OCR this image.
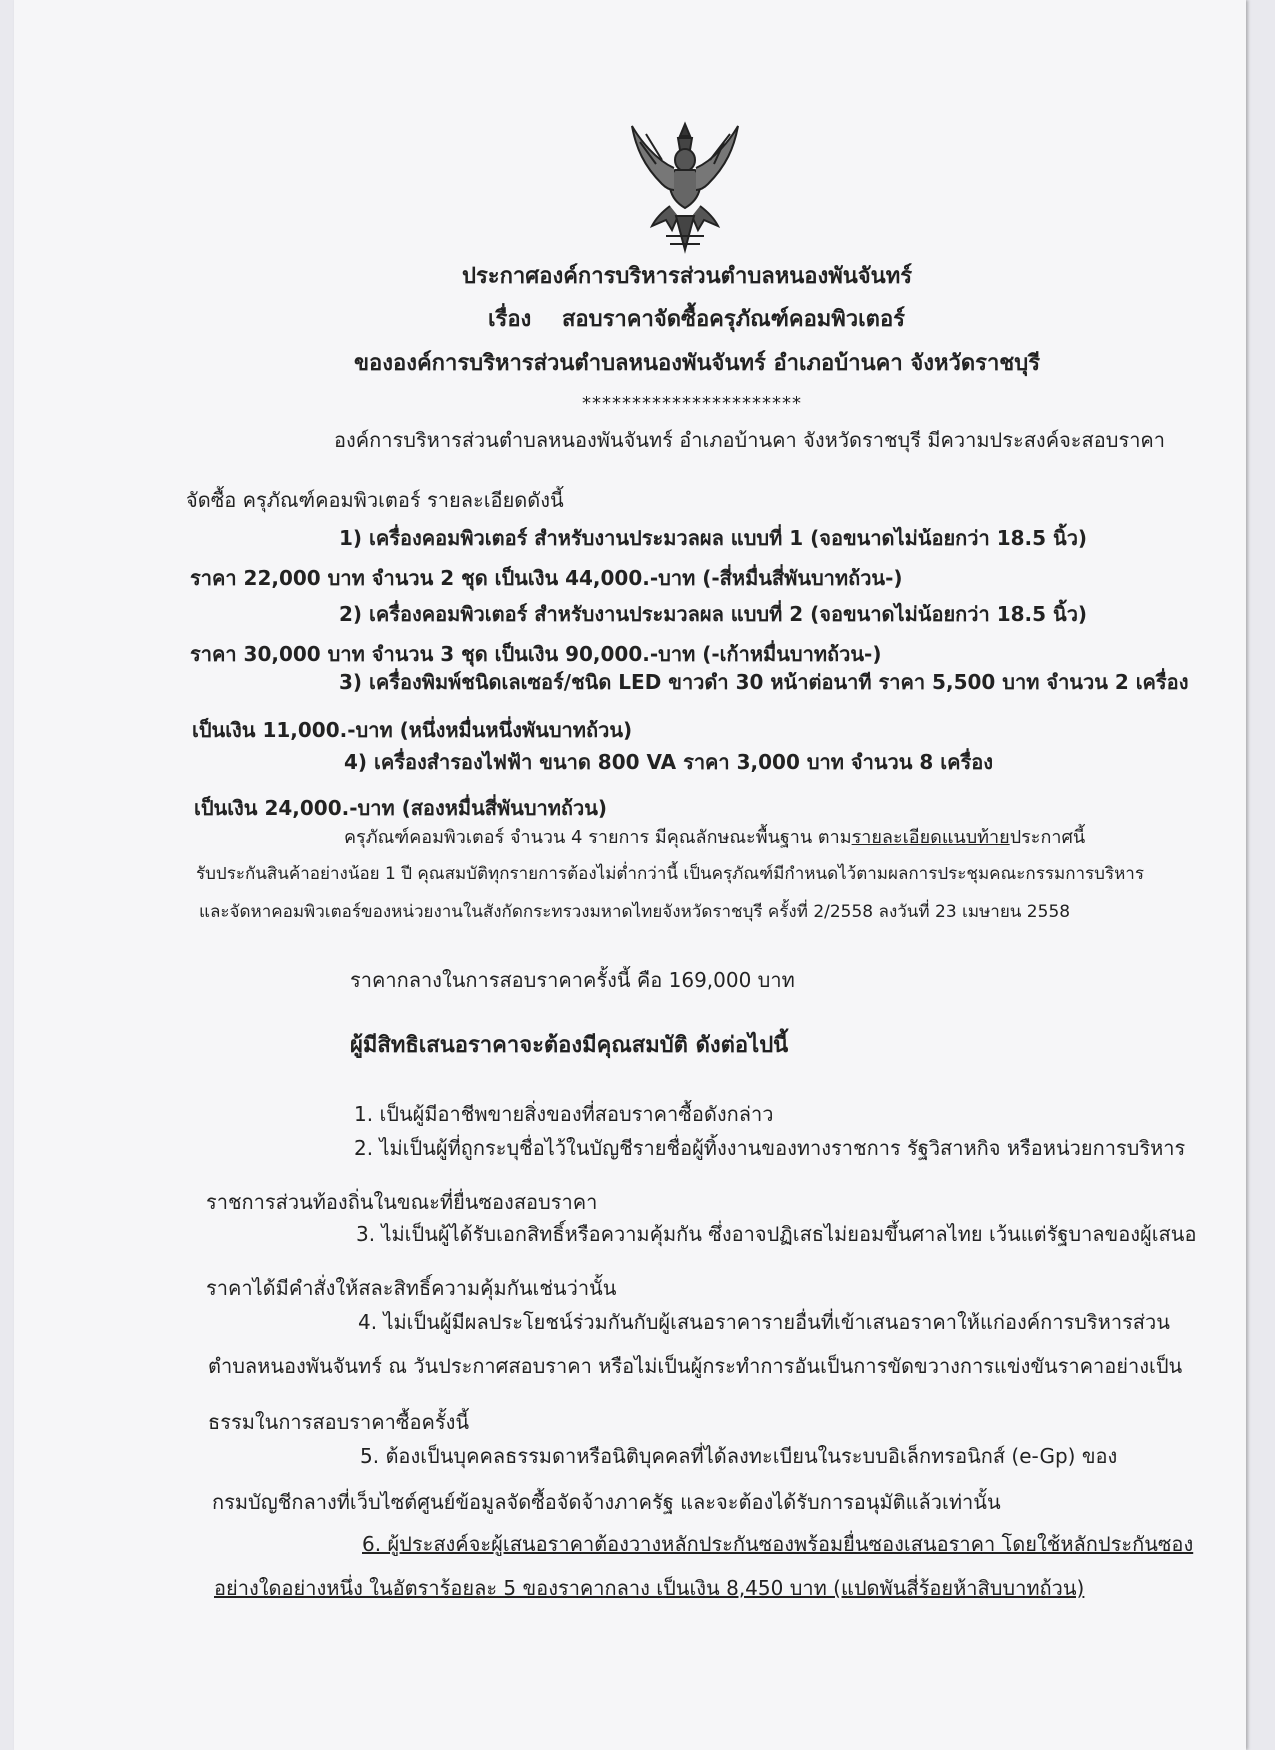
ประกาศองค์การบริหารส่วนตำบลหนองพันจันทร์
เรื่อง สอบราคาจัดซื้อครุภัณฑ์คอมพิวเตอร์
ขององค์การบริหารส่วนตำบลหนองพันจันทร์ อำเภอบ้านคา จังหวัดราชบุรี
**********************
องค์การบริหารส่วนตำบลหนองพันจันทร์ อำเภอบ้านคา จังหวัดราชบุรี มีความประสงค์จะสอบราคา
จัดซื้อ ครุภัณฑ์คอมพิวเตอร์ รายละเอียดดังนี้
1) เครื่องคอมพิวเตอร์ สำหรับงานประมวลผล แบบที่ 1 (จอขนาดไม่น้อยกว่า 18.5 นิ้ว)
ราคา 22,000 บาท จำนวน 2 ชุด เป็นเงิน 44,000.-บาท (-สี่หมื่นสี่พันบาทถ้วน-)
2) เครื่องคอมพิวเตอร์ สำหรับงานประมวลผล แบบที่ 2 (จอขนาดไม่น้อยกว่า 18.5 นิ้ว)
ราคา 30,000 บาท จำนวน 3 ชุด เป็นเงิน 90,000.-บาท (-เก้าหมื่นบาทถ้วน-)
3) เครื่องพิมพ์ชนิดเลเซอร์/ชนิด LED ขาวดำ 30 หน้าต่อนาที ราคา 5,500 บาท จำนวน 2 เครื่อง
เป็นเงิน 11,000.-บาท (หนึ่งหมื่นหนึ่งพันบาทถ้วน)
4) เครื่องสำรองไฟฟ้า ขนาด 800 VA ราคา 3,000 บาท จำนวน 8 เครื่อง
เป็นเงิน 24,000.-บาท (สองหมื่นสี่พันบาทถ้วน)
ครุภัณฑ์คอมพิวเตอร์ จำนวน 4 รายการ มีคุณลักษณะพื้นฐาน ตามรายละเอียดแนบท้ายประกาศนี้
รับประกันสินค้าอย่างน้อย 1 ปี คุณสมบัติทุกรายการต้องไม่ต่ำกว่านี้ เป็นครุภัณฑ์มีกำหนดไว้ตามผลการประชุมคณะกรรมการบริหาร
และจัดหาคอมพิวเตอร์ของหน่วยงานในสังกัดกระทรวงมหาดไทยจังหวัดราชบุรี ครั้งที่ 2/2558 ลงวันที่ 23 เมษายน 2558
ราคากลางในการสอบราคาครั้งนี้ คือ 169,000 บาท
ผู้มีสิทธิเสนอราคาจะต้องมีคุณสมบัติ ดังต่อไปนี้
1. เป็นผู้มีอาชีพขายสิ่งของที่สอบราคาซื้อดังกล่าว
2. ไม่เป็นผู้ที่ถูกระบุชื่อไว้ในบัญชีรายชื่อผู้ทิ้งงานของทางราชการ รัฐวิสาหกิจ หรือหน่วยการบริหาร
ราชการส่วนท้องถิ่นในขณะที่ยื่นซองสอบราคา
3. ไม่เป็นผู้ได้รับเอกสิทธิ์หรือความคุ้มกัน ซึ่งอาจปฏิเสธไม่ยอมขึ้นศาลไทย เว้นแต่รัฐบาลของผู้เสนอ
ราคาได้มีคำสั่งให้สละสิทธิ์ความคุ้มกันเช่นว่านั้น
4. ไม่เป็นผู้มีผลประโยชน์ร่วมกันกับผู้เสนอราคารายอื่นที่เข้าเสนอราคาให้แก่องค์การบริหารส่วน
ตำบลหนองพันจันทร์ ณ วันประกาศสอบราคา หรือไม่เป็นผู้กระทำการอันเป็นการขัดขวางการแข่งขันราคาอย่างเป็น
ธรรมในการสอบราคาซื้อครั้งนี้
5. ต้องเป็นบุคคลธรรมดาหรือนิติบุคคลที่ได้ลงทะเบียนในระบบอิเล็กทรอนิกส์ (e-Gp) ของ
กรมบัญชีกลางที่เว็บไซต์ศูนย์ข้อมูลจัดซื้อจัดจ้างภาครัฐ และจะต้องได้รับการอนุมัติแล้วเท่านั้น
6. ผู้ประสงค์จะผู้เสนอราคาต้องวางหลักประกันซองพร้อมยื่นซองเสนอราคา โดยใช้หลักประกันซอง
อย่างใดอย่างหนึ่ง ในอัตราร้อยละ 5 ของราคากลาง เป็นเงิน 8,450 บาท (แปดพันสี่ร้อยห้าสิบบาทถ้วน)
